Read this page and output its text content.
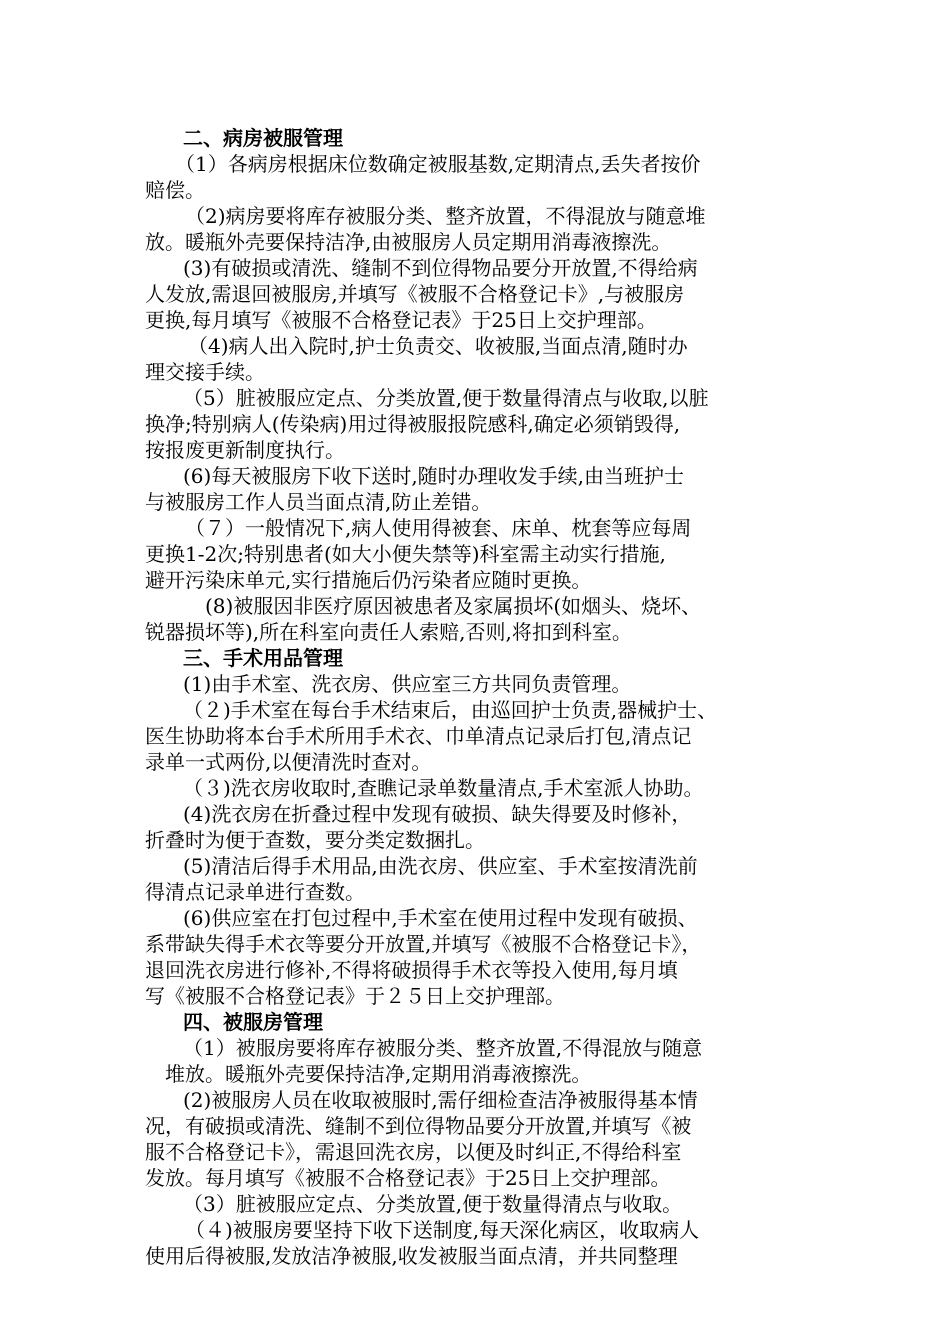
二、病房被服管理
（1）各病房根据床位数确定被服基数,定期清点,丢失者按价
赔偿。
（2)病房要将库存被服分类、整齐放置，不得混放与随意堆
放。暖瓶外壳要保持洁净,由被服房人员定期用消毒液擦洗。
(3)有破损或清洗、缝制不到位得物品要分开放置,不得给病
人发放,需退回被服房,并填写《被服不合格登记卡》,与被服房
更换,每月填写《被服不合格登记表》于25日上交护理部。
（4)病人出入院时,护士负责交、收被服,当面点清,随时办
理交接手续。
（5）脏被服应定点、分类放置,便于数量得清点与收取,以脏
换净;特别病人(传染病)用过得被服报院感科,确定必须销毁得,
按报废更新制度执行。
(6)每天被服房下收下送时,随时办理收发手续,由当班护士
与被服房工作人员当面点清,防止差错。
（７）一般情况下,病人使用得被套、床单、枕套等应每周
更换1-2次;特别患者(如大小便失禁等)科室需主动实行措施,
避开污染床单元,实行措施后仍污染者应随时更换。
(8)被服因非医疗原因被患者及家属损坏(如烟头、烧坏、
锐器损坏等),所在科室向责任人索赔,否则,将扣到科室。
三、手术用品管理
(1)由手术室、洗衣房、供应室三方共同负责管理。
（２)手术室在每台手术结束后，由巡回护士负责,器械护士、
医生协助将本台手术所用手术衣、巾单清点记录后打包,清点记
录单一式两份,以便清洗时查对。
（３)洗衣房收取时,查瞧记录单数量清点,手术室派人协助。
(4)洗衣房在折叠过程中发现有破损、缺失得要及时修补，
折叠时为便于查数，要分类定数捆扎。
(5)清洁后得手术用品,由洗衣房、供应室、手术室按清洗前
得清点记录单进行查数。
(6)供应室在打包过程中,手术室在使用过程中发现有破损、
系带缺失得手术衣等要分开放置,并填写《被服不合格登记卡》，
退回洗衣房进行修补,不得将破损得手术衣等投入使用,每月填
写《被服不合格登记表》于２５日上交护理部。
四、被服房管理
（1）被服房要将库存被服分类、整齐放置,不得混放与随意
堆放。暖瓶外壳要保持洁净,定期用消毒液擦洗。
(2)被服房人员在收取被服时,需仔细检查洁净被服得基本情
况，有破损或清洗、缝制不到位得物品要分开放置,并填写《被
服不合格登记卡》，需退回洗衣房，以便及时纠正,不得给科室
发放。每月填写《被服不合格登记表》于25日上交护理部。
（3）脏被服应定点、分类放置,便于数量得清点与收取。
（４)被服房要坚持下收下送制度,每天深化病区，收取病人
使用后得被服,发放洁净被服,收发被服当面点清，并共同整理
